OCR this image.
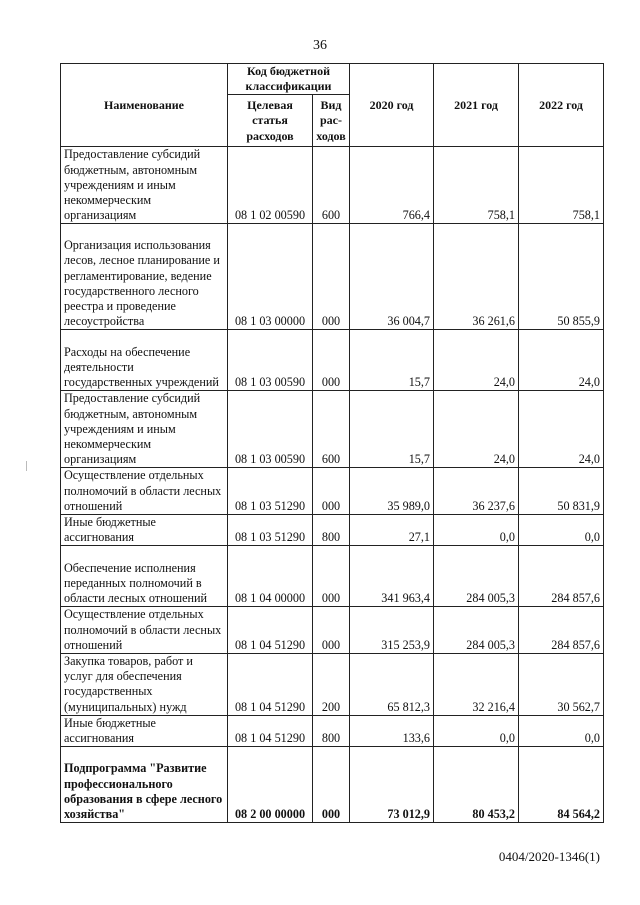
36
Наименование	Код бюджетной классификации		2020 год	2021 год	2022 год
	Целевая статья расходов	Вид рас-ходов			
Предоставление субсидий бюджетным, автономным учреждениям и иным некоммерческим организациям	08 1 02 00590	600	766,4	758,1	758,1
Организация использования лесов, лесное планирование и регламентирование, ведение государственного лесного реестра и проведение лесоустройства	08 1 03 00000	000	36 004,7	36 261,6	50 855,9
Расходы на обеспечение деятельности государственных учреждений	08 1 03 00590	000	15,7	24,0	24,0
Предоставление субсидий бюджетным, автономным учреждениям и иным некоммерческим организациям	08 1 03 00590	600	15,7	24,0	24,0
Осуществление отдельных полномочий в области лесных отношений	08 1 03 51290	000	35 989,0	36 237,6	50 831,9
Иные бюджетные ассигнования	08 1 03 51290	800	27,1	0,0	0,0
Обеспечение исполнения переданных полномочий в области лесных отношений	08 1 04 00000	000	341 963,4	284 005,3	284 857,6
Осуществление отдельных полномочий в области лесных отношений	08 1 04 51290	000	315 253,9	284 005,3	284 857,6
Закупка товаров, работ и услуг для обеспечения государственных (муниципальных) нужд	08 1 04 51290	200	65 812,3	32 216,4	30 562,7
Иные бюджетные ассигнования	08 1 04 51290	800	133,6	0,0	0,0
Подпрограмма "Развитие профессионального образования в сфере лесного хозяйства"	08 2 00 00000	000	73 012,9	80 453,2	84 564,2
0404/2020-1346(1)
